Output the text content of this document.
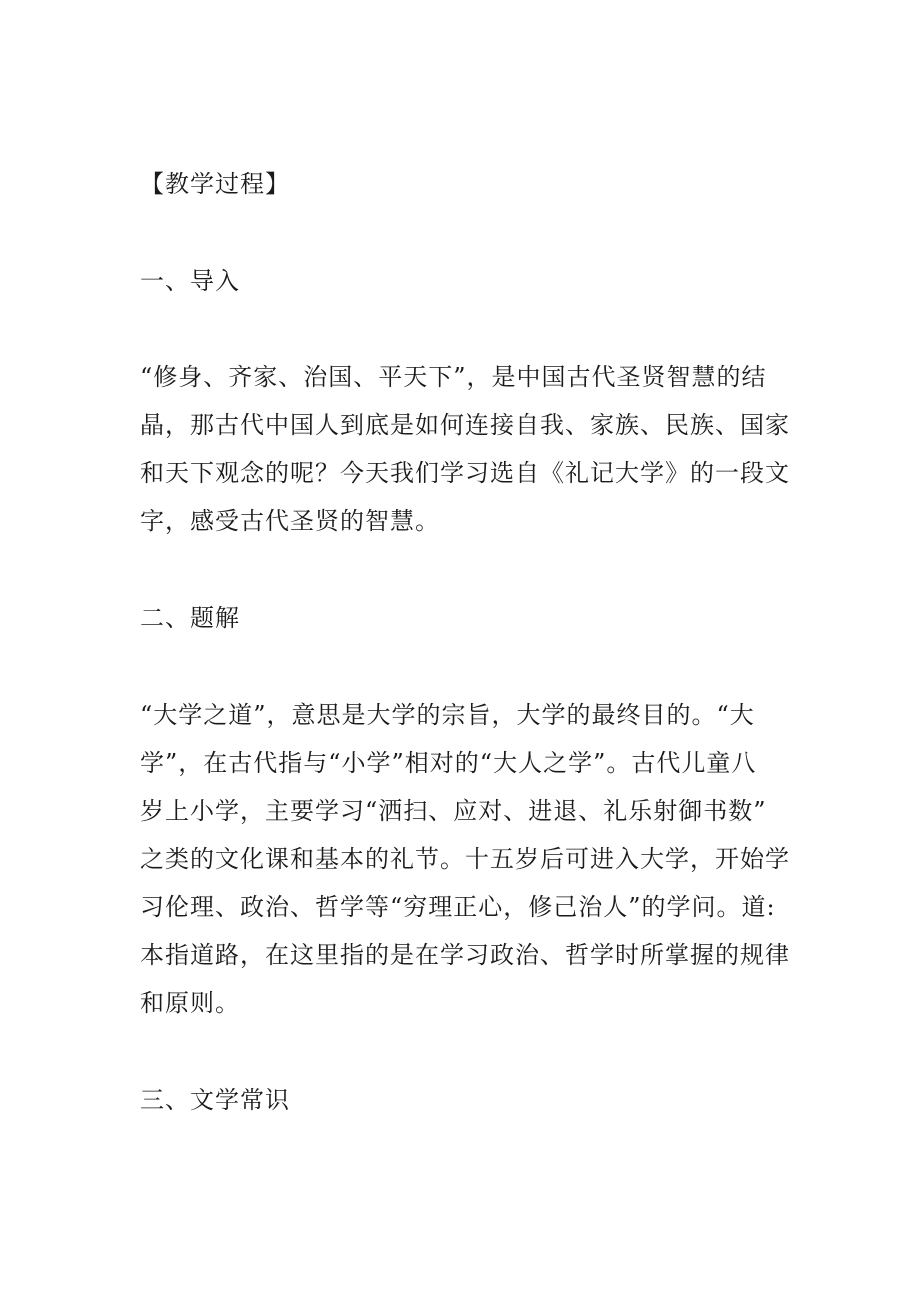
【教学过程】
一、导入
“修身、齐家、治国、平天下”，是中国古代圣贤智慧的结
晶，那古代中国人到底是如何连接自我、家族、民族、国家
和天下观念的呢？今天我们学习选自《礼记大学》的一段文
字，感受古代圣贤的智慧。
二、题解
“大学之道”，意思是大学的宗旨，大学的最终目的。“大
学”，在古代指与“小学”相对的“大人之学”。古代儿童八
岁上小学，主要学习“洒扫、应对、进退、礼乐射御书数”
之类的文化课和基本的礼节。十五岁后可进入大学，开始学
习伦理、政治、哲学等“穷理正心，修己治人”的学问。道:
本指道路，在这里指的是在学习政治、哲学时所掌握的规律
和原则。
三、文学常识
